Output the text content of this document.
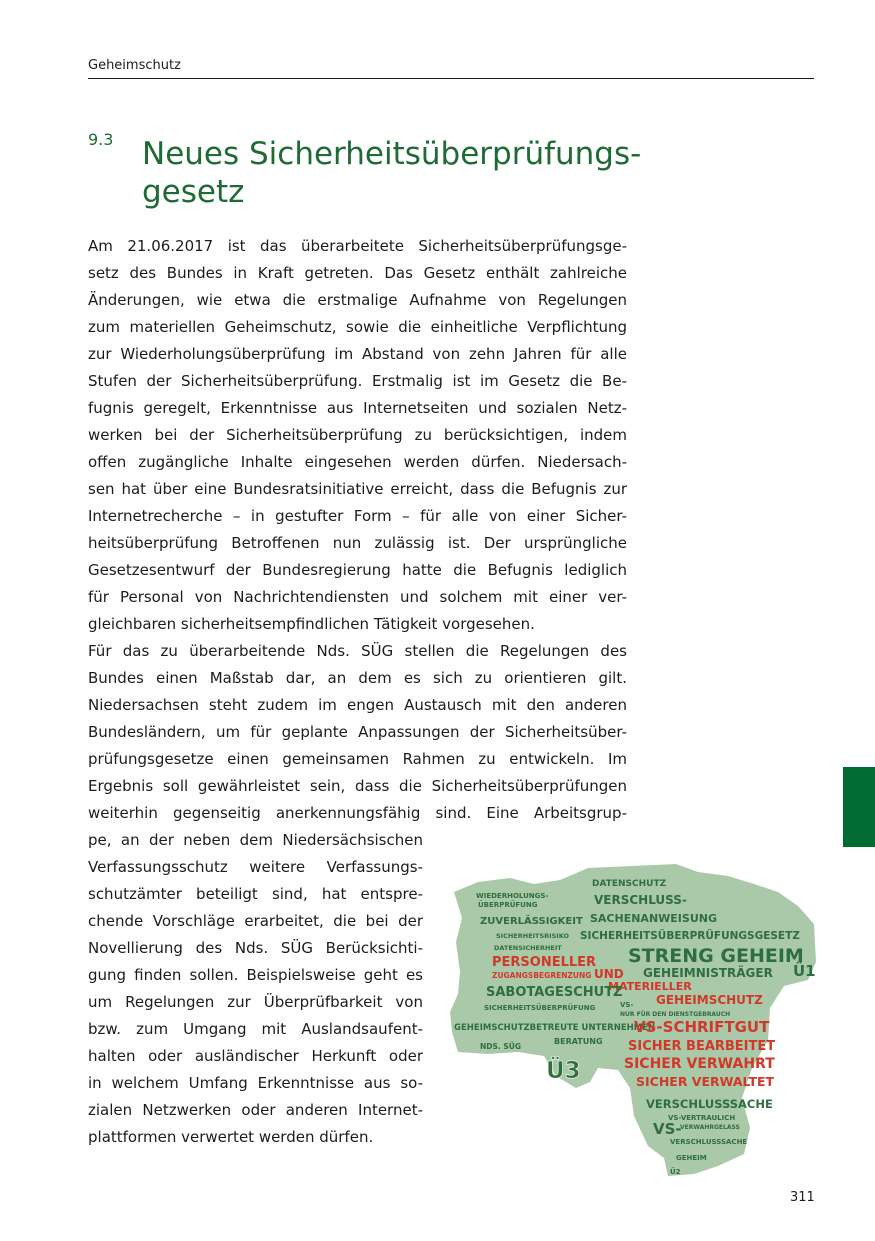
Geheimschutz
9.3 Neues Sicherheitsüberprüfungs-
gesetz
Am 21.06.2017 ist das überarbeitete Sicherheitsüberprüfungsge-
setz des Bundes in Kraft getreten. Das Gesetz enthält zahlreiche
Änderungen, wie etwa die erstmalige Aufnahme von Regelungen
zum materiellen Geheimschutz, sowie die einheitliche Verpflichtung
zur Wiederholungsüberprüfung im Abstand von zehn Jahren für alle
Stufen der Sicherheitsüberprüfung. Erstmalig ist im Gesetz die Be-
fugnis geregelt, Erkenntnisse aus Internetseiten und sozialen Netz-
werken bei der Sicherheitsüberprüfung zu berücksichtigen, indem
offen zugängliche Inhalte eingesehen werden dürfen. Niedersach-
sen hat über eine Bundesratsinitiative erreicht, dass die Befugnis zur
Internetrecherche – in gestufter Form – für alle von einer Sicher-
heitsüberprüfung Betroffenen nun zulässig ist. Der ursprüngliche
Gesetzesentwurf der Bundesregierung hatte die Befugnis lediglich
für Personal von Nachrichtendiensten und solchem mit einer ver-
gleichbaren sicherheitsempfindlichen Tätigkeit vorgesehen.
Für das zu überarbeitende Nds. SÜG stellen die Regelungen des
Bundes einen Maßstab dar, an dem es sich zu orientieren gilt.
Niedersachsen steht zudem im engen Austausch mit den anderen
Bundesländern, um für geplante Anpassungen der Sicherheitsüber-
prüfungsgesetze einen gemeinsamen Rahmen zu entwickeln. Im
Ergebnis soll gewährleistet sein, dass die Sicherheitsüberprüfungen
weiterhin gegenseitig anerkennungsfähig sind. Eine Arbeitsgrup-
pe, an der neben dem Niedersächsischen
Verfassungsschutz weitere Verfassungs-
schutzämter beteiligt sind, hat entspre-
chende Vorschläge erarbeitet, die bei der
Novellierung des Nds. SÜG Berücksichti-
gung finden sollen. Beispielsweise geht es
um Regelungen zur Überprüfbarkeit von
bzw. zum Umgang mit Auslandsaufent-
halten oder ausländischer Herkunft oder
in welchem Umfang Erkenntnisse aus so-
zialen Netzwerken oder anderen Internet-
plattformen verwertet werden dürfen.
DATENSCHUTZ
VERSCHLUSS-
WIEDERHOLUNGS-
ÜBERPRÜFUNG
SACHENANWEISUNG
ZUVERLÄSSIGKEIT
SICHERHEITSRISIKO SICHERHEITSÜBERPRÜFUNGSGESETZ
DATENSICHERHEIT	STRENG GEHEIM
PERSONELLER
ZUGANGSBEGRENZUNG UND GEHEIMNISTRÄGER Ü1
MATERIELLER
SABOTAGESCHUTZ	GEHEIMSCHUTZ
SICHERHEITSÜBERPRÜFUNG	VS-
NUR FÜR DEN DIENSTGEBRAUCH
GEHEIMSCHUTZBETREUTE UNTERNEHMEN
VS-SCHRIFTGUT
NDS. SÜG
BERATUNG SICHER BEARBEITET
Ü3	SICHER VERWAHRT
SICHER VERWALTET
VERSCHLUSSSACHE
VS-VERTRAULICH
VS-
VERWAHRGELASS
VERSCHLUSSSACHE
GEHEIM
Ü2
311
